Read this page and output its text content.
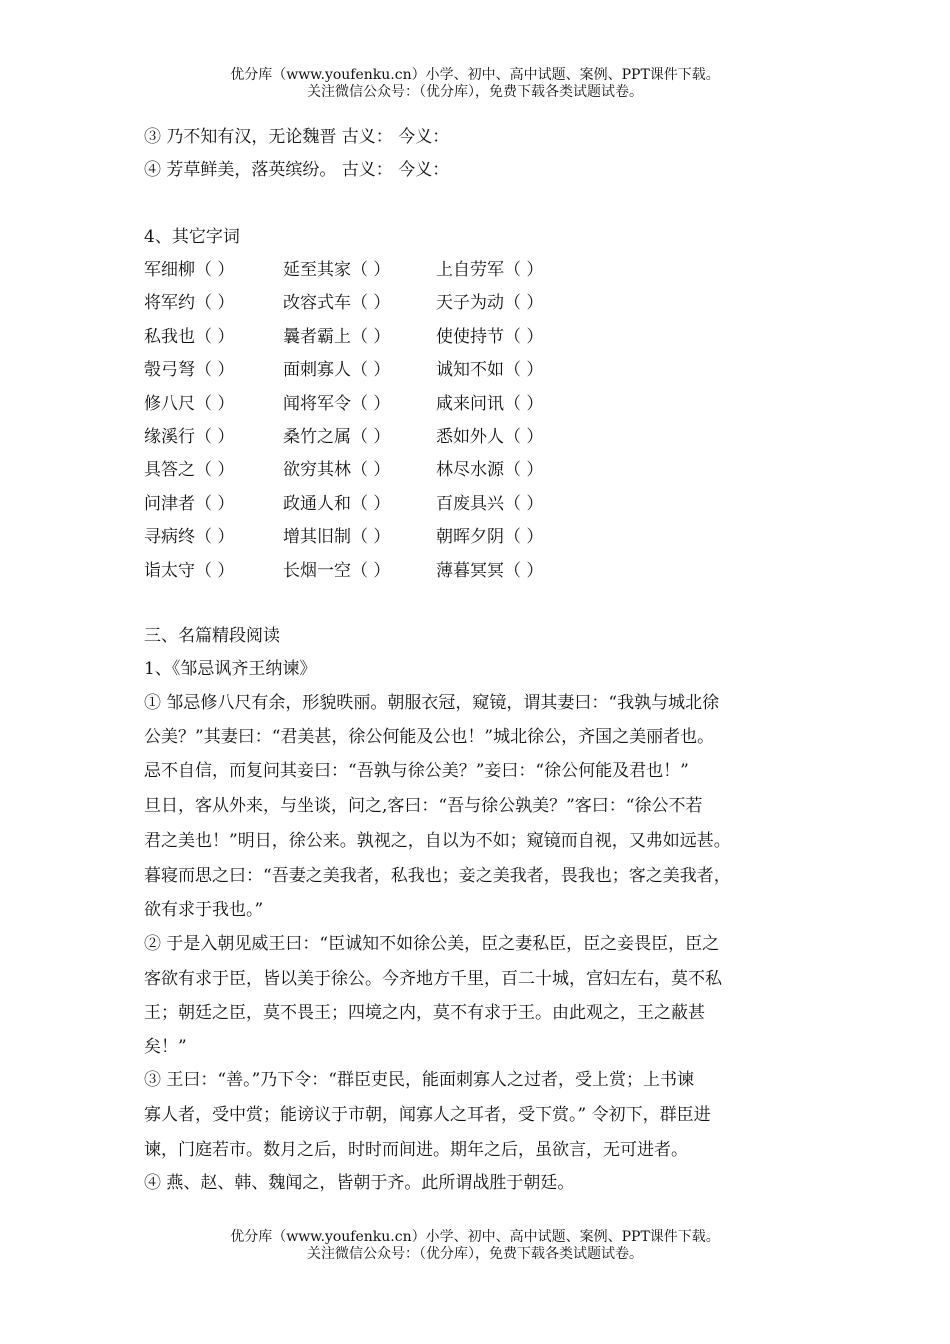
优分库（www.youfenku.cn）小学、初中、高中试题、案例、PPT课件下载。
关注微信公众号：（优分库），免费下载各类试题试卷。
③ 乃不知有汉，无论魏晋 古义： 今义：
④ 芳草鲜美，落英缤纷。 古义： 今义：
4、其它字词
军细柳（ ）	延至其家（ ）	上自劳军（ ）
将军约（ ）	改容式车（ ）	天子为动（ ）
私我也（ ）	曩者霸上（ ）	使使持节（ ）
彀弓弩（ ）	面刺寡人（ ）	诚知不如（ ）
修八尺（ ）	闻将军令（ ）	咸来问讯（ ）
缘溪行（ ）	桑竹之属（ ）	悉如外人（ ）
具答之（ ）	欲穷其林（ ）	林尽水源（ ）
问津者（ ）	政通人和（ ）	百废具兴（ ）
寻病终（ ）	增其旧制（ ）	朝晖夕阴（ ）
诣太守（ ）	长烟一空（ ）	薄暮冥冥（ ）
三、名篇精段阅读
1、《邹忌讽齐王纳谏》
① 邹忌修八尺有余，形貌昳丽。朝服衣冠，窥镜，谓其妻曰：“我孰与城北徐
公美？”其妻曰：“君美甚，徐公何能及公也！”城北徐公，齐国之美丽者也。
忌不自信，而复问其妾曰：“吾孰与徐公美？”妾曰：“徐公何能及君也！”
旦日，客从外来，与坐谈，问之,客曰：“吾与徐公孰美？”客曰：“徐公不若
君之美也！”明日，徐公来。孰视之，自以为不如；窥镜而自视，又弗如远甚。
暮寝而思之曰：“吾妻之美我者，私我也；妾之美我者，畏我也；客之美我者，
欲有求于我也。”
② 于是入朝见威王曰：“臣诚知不如徐公美，臣之妻私臣，臣之妾畏臣，臣之
客欲有求于臣，皆以美于徐公。今齐地方千里，百二十城，宫妇左右，莫不私
王；朝廷之臣，莫不畏王；四境之内，莫不有求于王。由此观之，王之蔽甚
矣！”
③ 王曰：“善。”乃下令：“群臣吏民，能面刺寡人之过者，受上赏；上书谏
寡人者，受中赏；能谤议于市朝，闻寡人之耳者，受下赏。” 令初下，群臣进
谏，门庭若市。数月之后，时时而间进。期年之后，虽欲言，无可进者。
④ 燕、赵、韩、魏闻之，皆朝于齐。此所谓战胜于朝廷。
优分库（www.youfenku.cn）小学、初中、高中试题、案例、PPT课件下载。
关注微信公众号：（优分库），免费下载各类试题试卷。
